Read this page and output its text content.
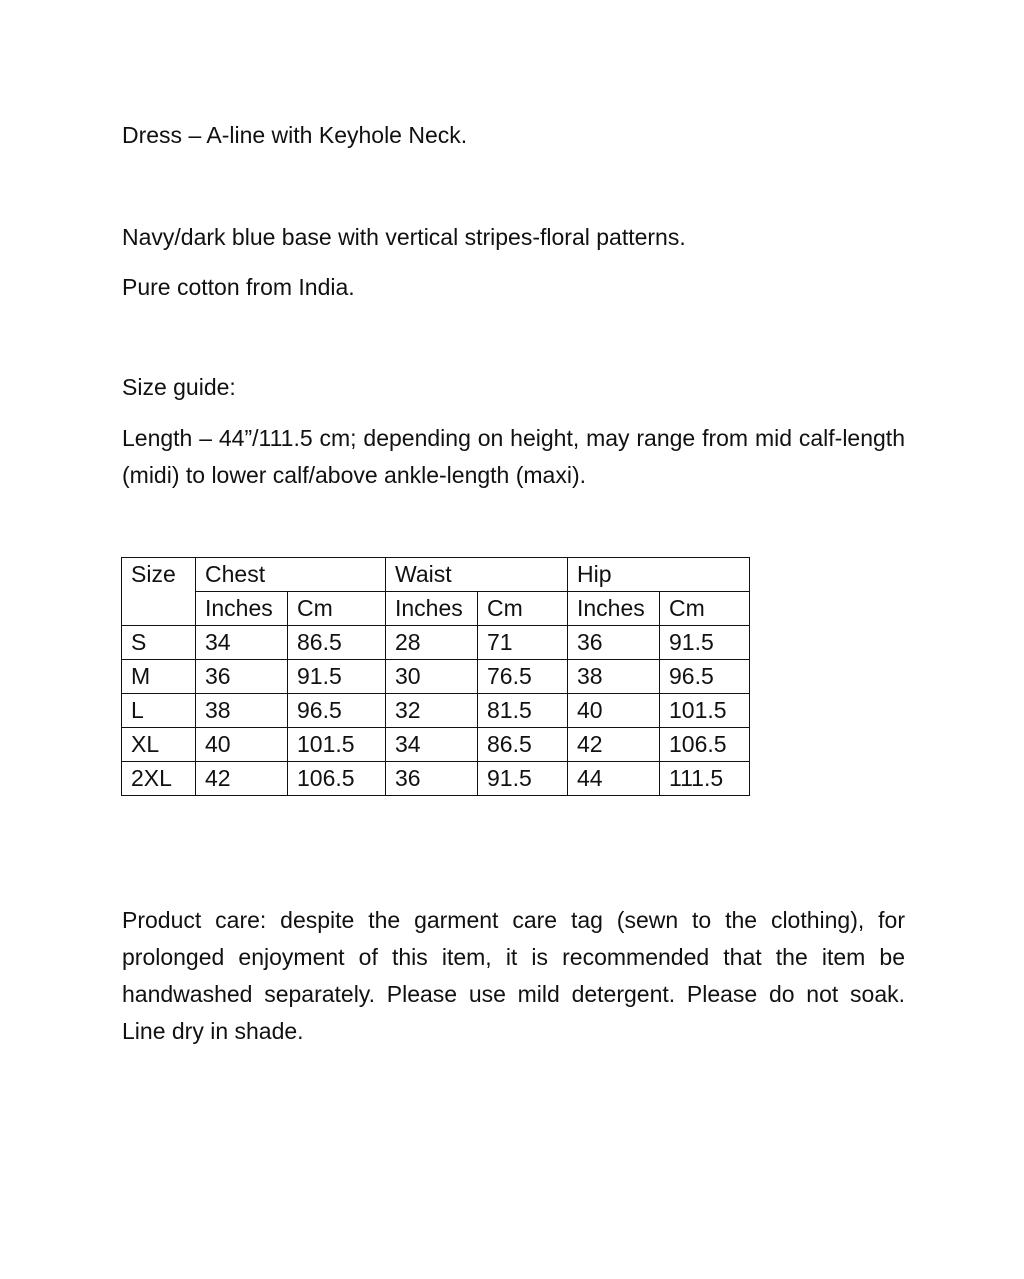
Dress – A-line with Keyhole Neck.

Navy/dark blue base with vertical stripes-floral patterns.

Pure cotton from India.

Size guide:

Length – 44”/111.5 cm; depending on height, may range from mid calf-length (midi) to lower calf/above ankle-length (maxi).

Size	Chest		Waist		Hip	
	Inches	Cm	Inches	Cm	Inches	Cm
S	34	86.5	28	71	36	91.5
M	36	91.5	30	76.5	38	96.5
L	38	96.5	32	81.5	40	101.5
XL	40	101.5	34	86.5	42	106.5
2XL	42	106.5	36	91.5	44	111.5

Product care: despite the garment care tag (sewn to the clothing), for prolonged enjoyment of this item, it is recommended that the item be handwashed separately. Please use mild detergent. Please do not soak. Line dry in shade.
